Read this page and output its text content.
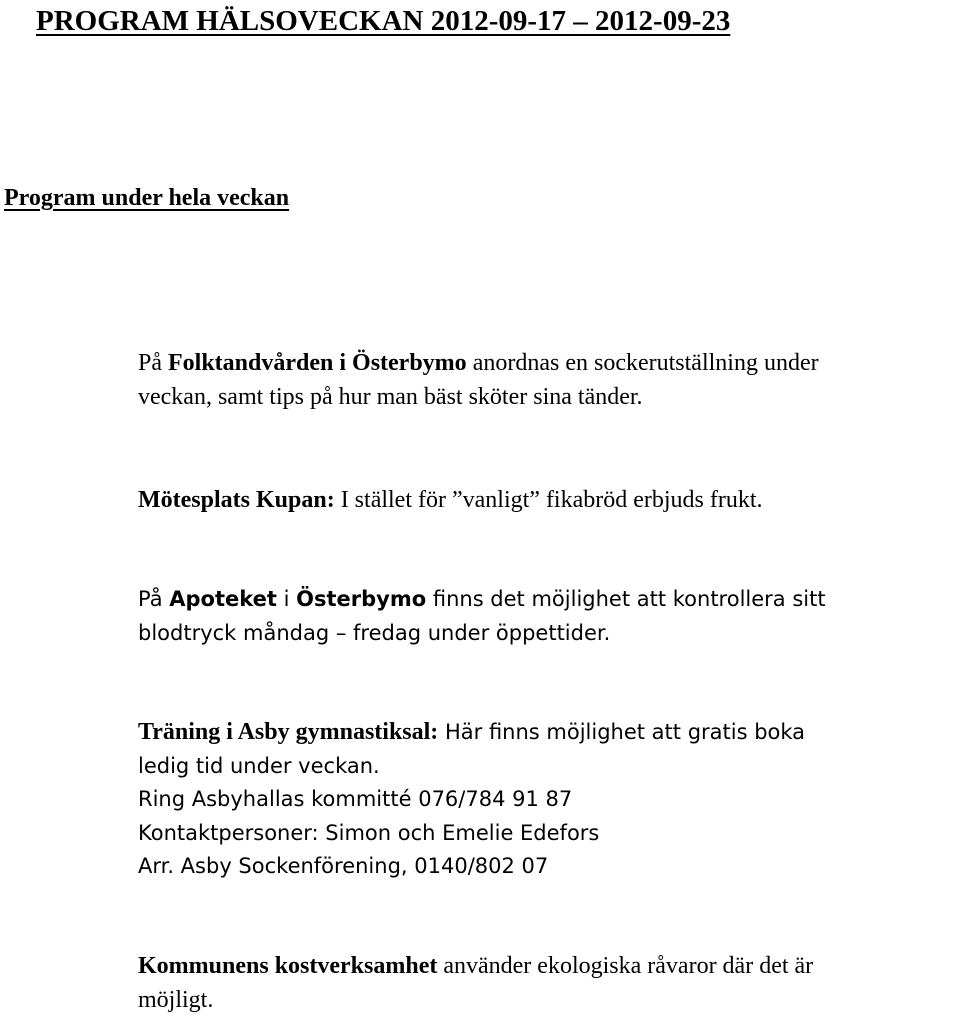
PROGRAM HÄLSOVECKAN 2012-09-17 – 2012-09-23
Program under hela veckan

På Folktandvården i Österbymo anordnas en sockerutställning under
veckan, samt tips på hur man bäst sköter sina tänder.

Mötesplats Kupan: I stället för ”vanligt” fikabröd erbjuds frukt.

På Apoteket i Österbymo finns det möjlighet att kontrollera sitt
blodtryck måndag – fredag under öppettider.

Träning i Asby gymnastiksal: Här finns möjlighet att gratis boka
ledig tid under veckan.
Ring Asbyhallas kommitté 076/784 91 87
Kontaktpersoner: Simon och Emelie Edefors
Arr. Asby Sockenförening, 0140/802 07

Kommunens kostverksamhet använder ekologiska råvaror där det är
möjligt.
